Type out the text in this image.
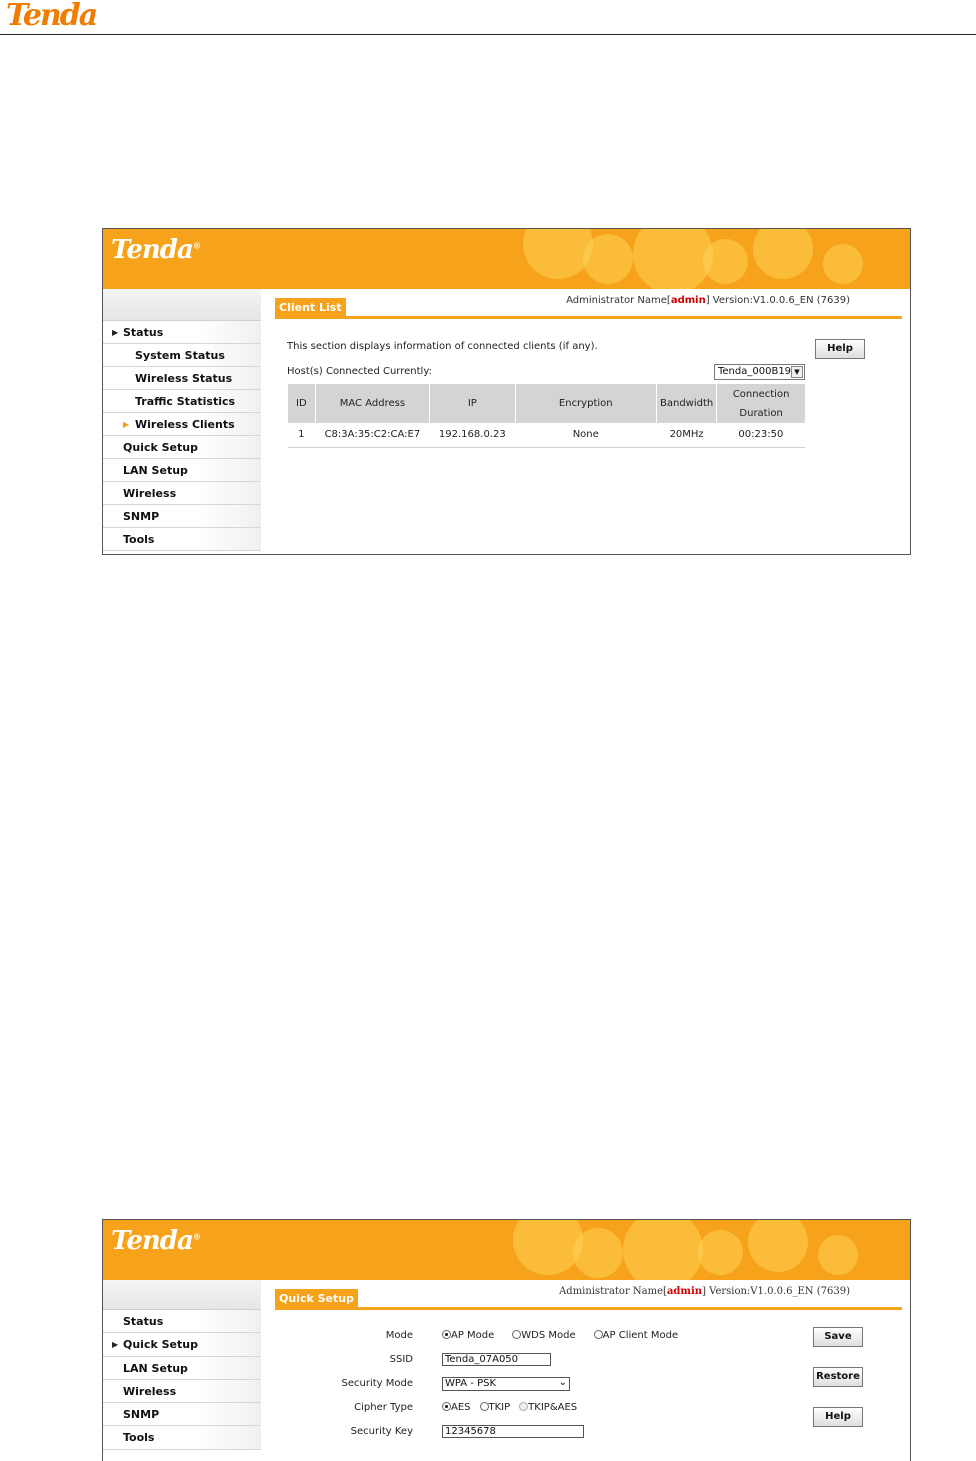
Tenda
Tenda®
▶ Status
System Status
Wireless Status
Traffic Statistics
▶ Wireless Clients
Quick Setup
LAN Setup
Wireless
SNMP
Tools
Client List
Administrator Name[admin] Version:V1.0.0.6_EN (7639)
This section displays information of connected clients (if any).
Host(s) Connected Currently:
Help
Tenda_000B19 ▼
ID	MAC Address	IP	Encryption	Bandwidth	Connection
Duration
1	C8:3A:35:C2:CA:E7	192.168.0.23	None	20MHz	00:23:50
Tenda®
Status
▶ Quick Setup
LAN Setup
Wireless
SNMP
Tools
Quick Setup
Administrator Name[admin] Version:V1.0.0.6_EN (7639)
Mode	AP Mode	WDS Mode	AP Client Mode
SSID	Tenda_07A050
Security Mode	WPA - PSK	⌄
Cipher Type	AES TKIP TKIP&AES
Security Key	12345678
Save
Restore
Help
